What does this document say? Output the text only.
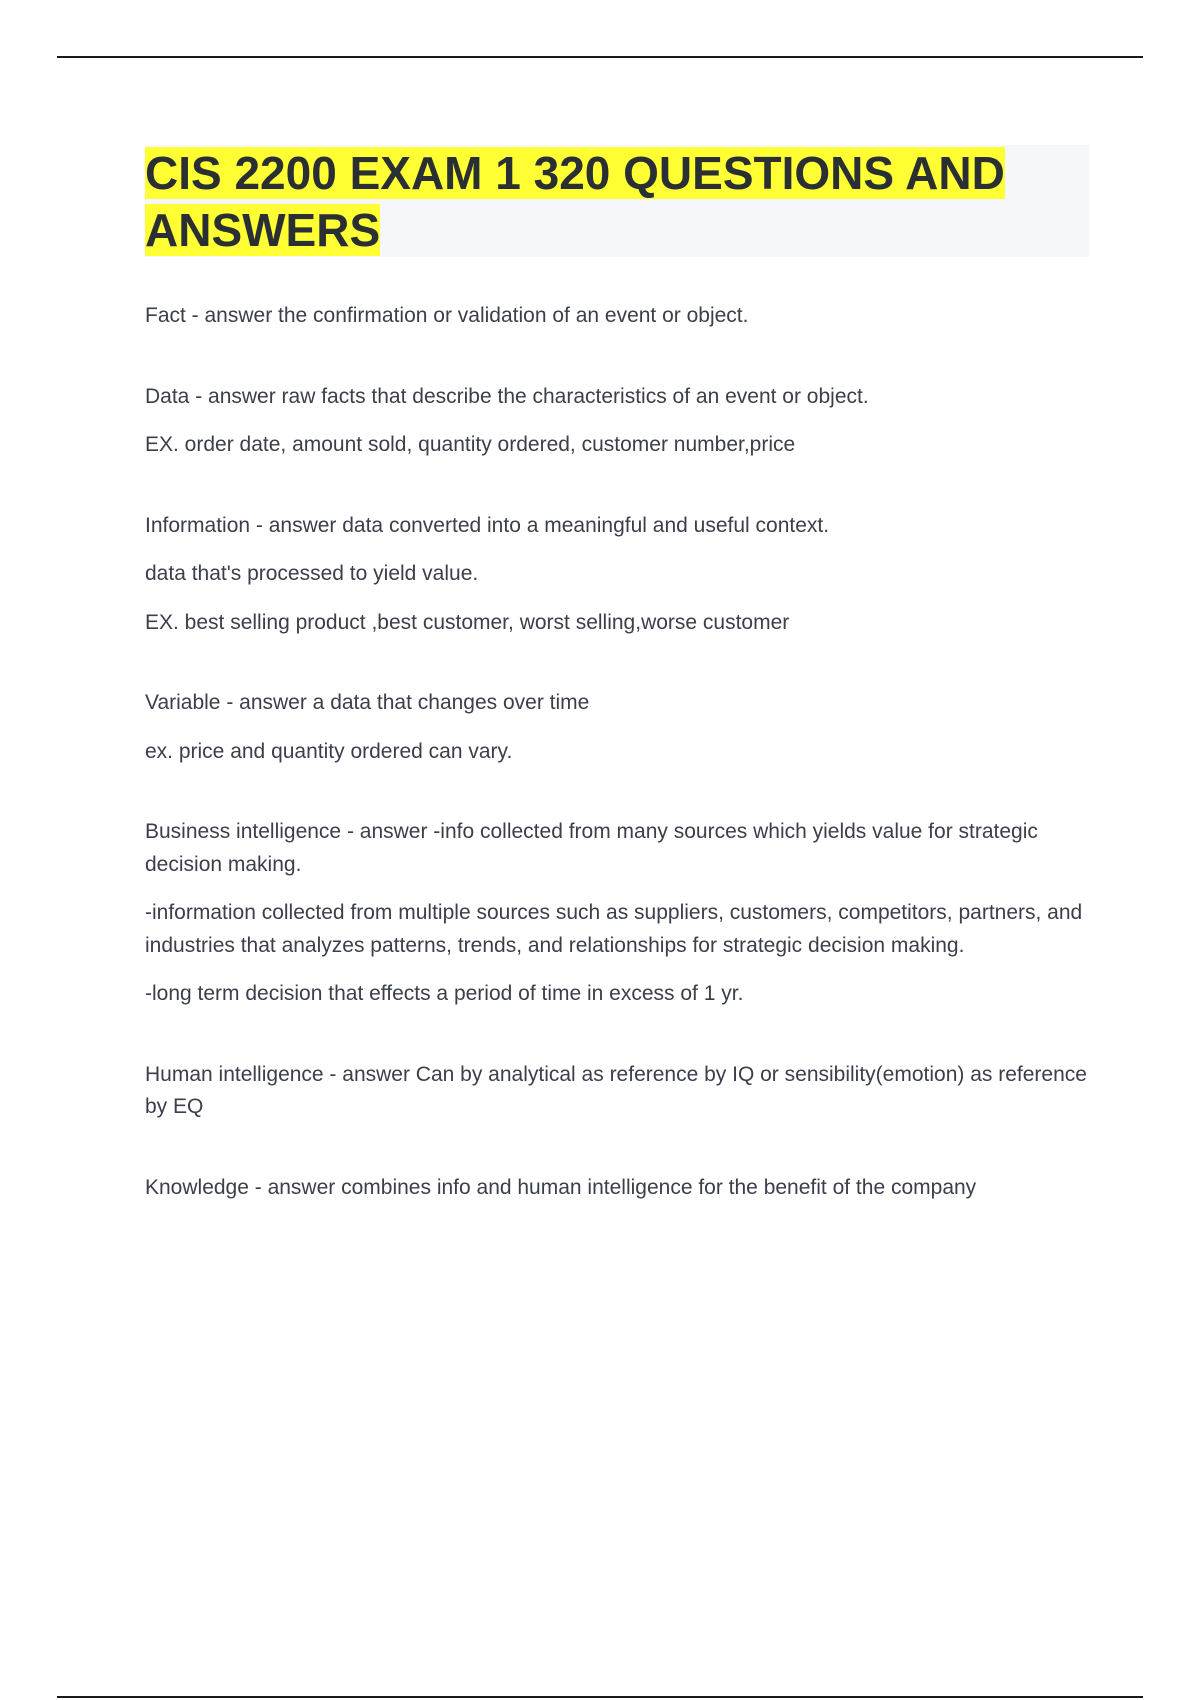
CIS 2200 EXAM 1 320 QUESTIONS AND ANSWERS

Fact - answer the confirmation or validation of an event or object.

Data - answer raw facts that describe the characteristics of an event or object.

EX. order date, amount sold, quantity ordered, customer number,price

Information - answer data converted into a meaningful and useful context.

data that's processed to yield value.

EX. best selling product ,best customer, worst selling,worse customer

Variable - answer a data that changes over time

ex. price and quantity ordered can vary.

Business intelligence - answer -info collected from many sources which yields value for strategic decision making.

-information collected from multiple sources such as suppliers, customers, competitors, partners, and industries that analyzes patterns, trends, and relationships for strategic decision making.

-long term decision that effects a period of time in excess of 1 yr.

Human intelligence - answer Can by analytical as reference by IQ or sensibility(emotion) as reference by EQ

Knowledge - answer combines info and human intelligence for the benefit of the company
